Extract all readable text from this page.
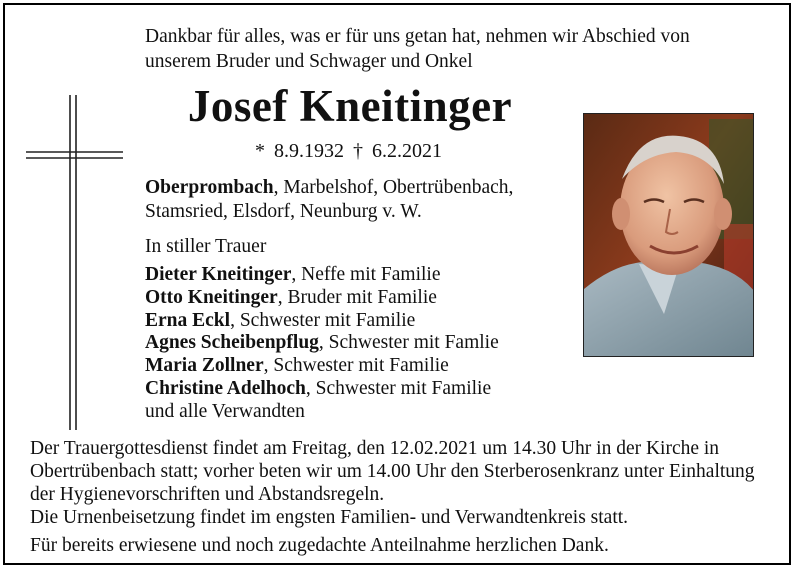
Dankbar für alles, was er für uns getan hat, nehmen wir Abschied von unserem Bruder und Schwager und Onkel
Josef Kneitinger
* 8.9.1932 † 6.2.2021
Oberprombach, Marbelshof, Obertrübenbach, Stamsried, Elsdorf, Neunburg v. W.
In stiller Trauer
Dieter Kneitinger, Neffe mit Familie
Otto Kneitinger, Bruder mit Familie
Erna Eckl, Schwester mit Familie
Agnes Scheibenpflug, Schwester mit Famlie
Maria Zollner, Schwester mit Familie
Christine Adelhoch, Schwester mit Familie
und alle Verwandten

Der Trauergottesdienst findet am Freitag, den 12.02.2021 um 14.30 Uhr in der Kirche in Obertrübenbach statt; vorher beten wir um 14.00 Uhr den Sterberosenkranz unter Einhaltung der Hygienevorschriften und Abstandsregeln.

Die Urnenbeisetzung findet im engsten Familien- und Verwandtenkreis statt.

Für bereits erwiesene und noch zugedachte Anteilnahme herzlichen Dank.
